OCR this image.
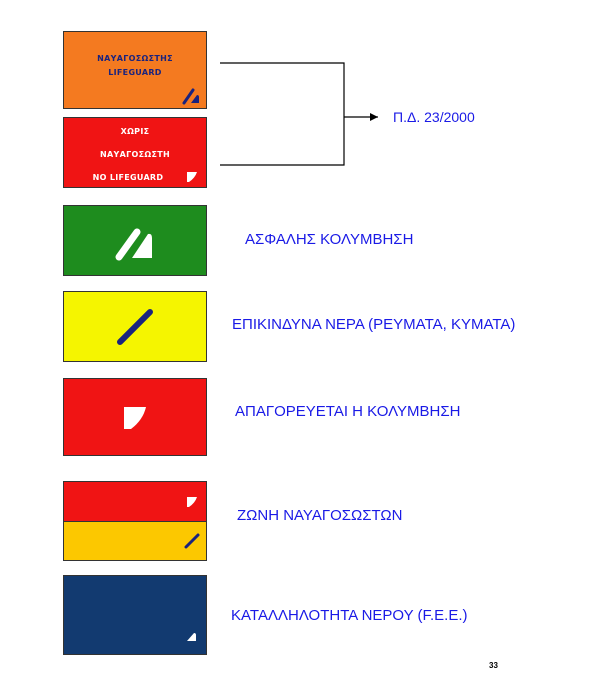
ΝΑΥΑΓΟΣΩΣΤΗΣ
LIFEGUARD
ΧΩΡΙΣ
ΝΑΥΑΓΟΣΩΣΤΗ
NO LIFEGUARD
Π.Δ. 23/2000
ΑΣΦΑΛΗΣ ΚΟΛΥΜΒΗΣΗ
ΕΠΙΚΙΝΔΥΝΑ ΝΕΡΑ (ΡΕΥΜΑΤΑ, ΚΥΜΑΤΑ)
ΑΠΑΓΟΡΕΥΕΤΑΙ Η ΚΟΛΥΜΒΗΣΗ
ΖΩΝΗ ΝΑΥΑΓΟΣΩΣΤΩΝ
ΚΑΤΑΛΛΗΛΟΤΗΤΑ ΝΕΡΟΥ (F.E.E.)
33
